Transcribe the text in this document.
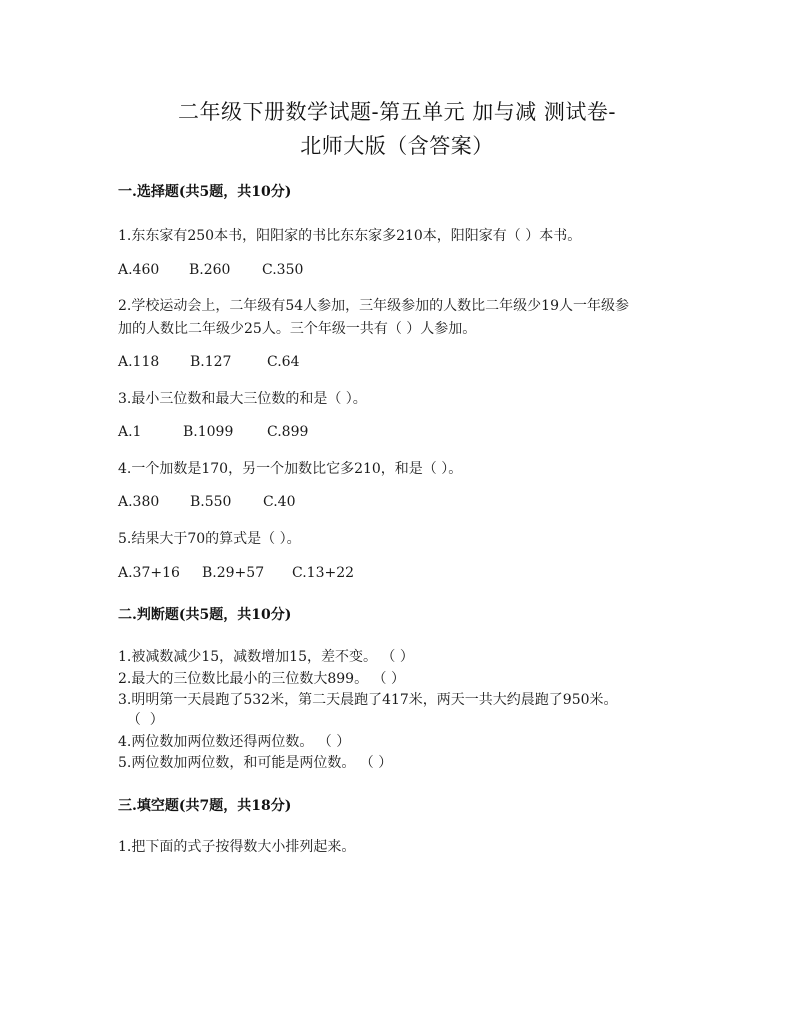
二年级下册数学试题-第五单元 加与减 测试卷-
北师大版（含答案）
一.选择题(共5题，共10分)
1.东东家有250本书，阳阳家的书比东东家多210本，阳阳家有（ ）本书。
A.460 B.260 C.350
2.学校运动会上，二年级有54人参加，三年级参加的人数比二年级少19人一年级参
加的人数比二年级少25人。三个年级一共有（ ）人参加。
A.118 B.127	C.64
3.最小三位数和最大三位数的和是（ ）。
A.1	B.1099 C.899
4.一个加数是170，另一个加数比它多210，和是（ ）。
A.380 B.550 C.40
5.结果大于70的算式是（ ）。
A.37+16 B.29+57 C.13+22
二.判断题(共5题，共10分)
1.被减数减少15，减数增加15，差不变。 （ ）
2.最大的三位数比最小的三位数大899。 （ ）
3.明明第一天晨跑了532米，第二天晨跑了417米，两天一共大约晨跑了950米。
（  ）
4.两位数加两位数还得两位数。 （ ）
5.两位数加两位数，和可能是两位数。 （ ）
三.填空题(共7题，共18分)
1.把下面的式子按得数大小排列起来。
